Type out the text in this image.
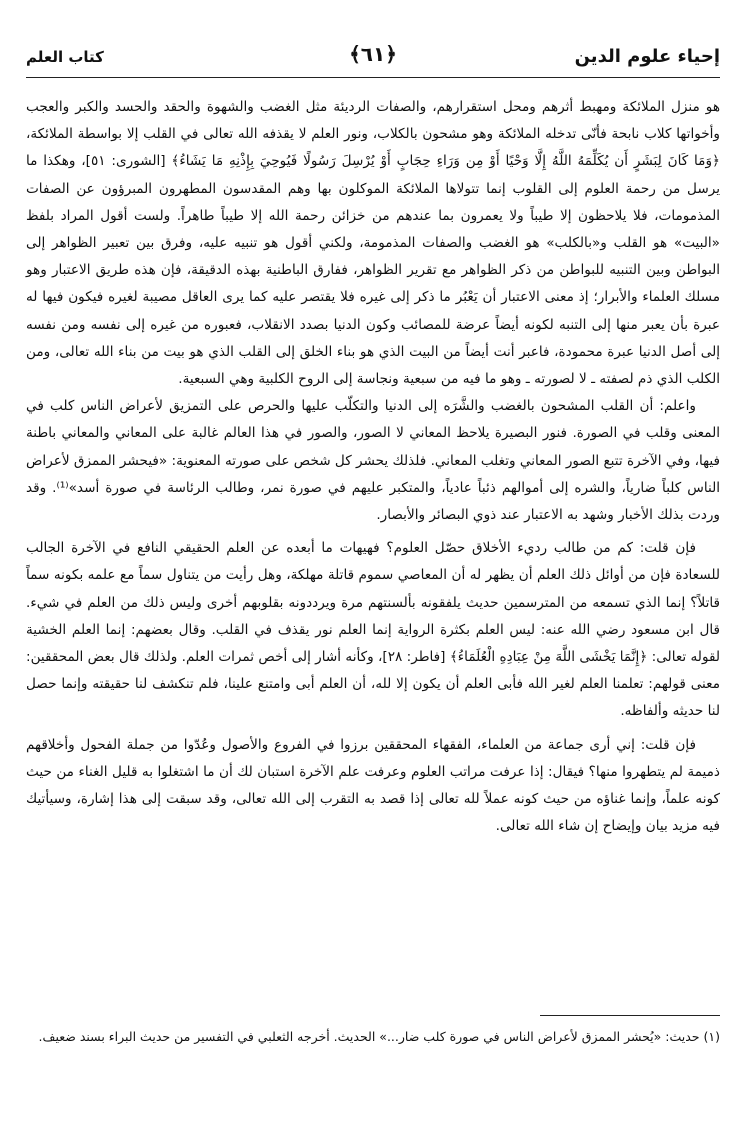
إحياء علوم الدين
﴿٦١﴾
كتاب العلم

هو منزل الملائكة ومهبط أثرهم ومحل استقرارهم، والصفات الرديئة مثل الغضب والشهوة والحقد والحسد والكبر والعجب وأخواتها كلاب نابحة فأنّى تدخله الملائكة وهو مشحون بالكلاب، ونور العلم لا يقذفه الله تعالى في القلب إلا بواسطة الملائكة، ﴿وَمَا كَانَ لِبَشَرٍ أَن يُكَلِّمَهُ اللَّهُ إِلَّا وَحْيًا أَوْ مِن وَرَاءِ حِجَابٍ أَوْ يُرْسِلَ رَسُولًا فَيُوحِيَ بِإِذْنِهِ مَا يَشَاءُ﴾ [الشورى: ٥١]، وهكذا ما يرسل من رحمة العلوم إلى القلوب إنما تتولاها الملائكة الموكلون بها وهم المقدسون المطهرون المبرؤون عن الصفات المذمومات، فلا يلاحظون إلا طيباً ولا يعمرون بما عندهم من خزائن رحمة الله إلا طيباً طاهراً. ولست أقول المراد بلفظ «البيت» هو القلب و«بالكلب» هو الغضب والصفات المذمومة، ولكني أقول هو تنبيه عليه، وفرق بين تعبير الظواهر إلى البواطن وبين التنبيه للبواطن من ذكر الظواهر مع تقرير الظواهر، ففارق الباطنية بهذه الدقيقة، فإن هذه طريق الاعتبار وهو مسلك العلماء والأبرار؛ إذ معنى الاعتبار أن يَعْبُر ما ذكر إلى غيره فلا يقتصر عليه كما يرى العاقل مصيبة لغيره فيكون فيها له عبرة بأن يعبر منها إلى التنبه لكونه أيضاً عرضة للمصائب وكون الدنيا بصدد الانقلاب، فعبوره من غيره إلى نفسه ومن نفسه إلى أصل الدنيا عبرة محمودة، فاعبر أنت أيضاً من البيت الذي هو بناء الخلق إلى القلب الذي هو بيت من بناء الله تعالى، ومن الكلب الذي ذم لصفته ـ لا لصورته ـ وهو ما فيه من سبعية ونجاسة إلى الروح الكلبية وهي السبعية.

واعلم: أن القلب المشحون بالغضب والشَّرَه إلى الدنيا والتكلّب عليها والحرص على التمزيق لأعراض الناس كلب في المعنى وقلب في الصورة. فنور البصيرة يلاحظ المعاني لا الصور، والصور في هذا العالم غالبة على المعاني والمعاني باطنة فيها، وفي الآخرة تتبع الصور المعاني وتغلب المعاني. فلذلك يحشر كل شخص على صورته المعنوية: «فيحشر الممزق لأعراض الناس كلباً ضارياً، والشره إلى أموالهم ذئباً عادياً، والمتكبر عليهم في صورة نمر، وطالب الرئاسة في صورة أسد»⁽¹⁾. وقد وردت بذلك الأخبار وشهد به الاعتبار عند ذوي البصائر والأبصار.

فإن قلت: كم من طالب رديء الأخلاق حصّل العلوم؟ فهيهات ما أبعده عن العلم الحقيقي النافع في الآخرة الجالب للسعادة فإن من أوائل ذلك العلم أن يظهر له أن المعاصي سموم قاتلة مهلكة، وهل رأيت من يتناول سماً مع علمه بكونه سماً قاتلاً؟ إنما الذي تسمعه من المترسمين حديث يلفقونه بألسنتهم مرة ويرددونه بقلوبهم أخرى وليس ذلك من العلم في شيء. قال ابن مسعود رضي الله عنه: ليس العلم بكثرة الرواية إنما العلم نور يقذف في القلب. وقال بعضهم: إنما العلم الخشية لقوله تعالى: ﴿إِنَّمَا يَخْشَى اللَّهَ مِنْ عِبَادِهِ الْعُلَمَاءُ﴾ [فاطر: ٢٨]، وكأنه أشار إلى أخص ثمرات العلم. ولذلك قال بعض المحققين: معنى قولهم: تعلمنا العلم لغير الله فأبى العلم أن يكون إلا لله، أن العلم أبى وامتنع علينا، فلم تنكشف لنا حقيقته وإنما حصل لنا حديثه وألفاظه.

فإن قلت: إني أرى جماعة من العلماء، الفقهاء المحققين برزوا في الفروع والأصول وعُدّوا من جملة الفحول وأخلاقهم ذميمة لم يتطهروا منها؟ فيقال: إذا عرفت مراتب العلوم وعرفت علم الآخرة استبان لك أن ما اشتغلوا به قليل الغناء من حيث كونه علماً، وإنما غناؤه من حيث كونه عملاً لله تعالى إذا قصد به التقرب إلى الله تعالى، وقد سبقت إلى هذا إشارة، وسيأتيك فيه مزيد بيان وإيضاح إن شاء الله تعالى.

(١) حديث: «يُحشر الممزق لأعراض الناس في صورة كلب ضار...» الحديث. أخرجه الثعلبي في التفسير من حديث البراء بسند ضعيف.
